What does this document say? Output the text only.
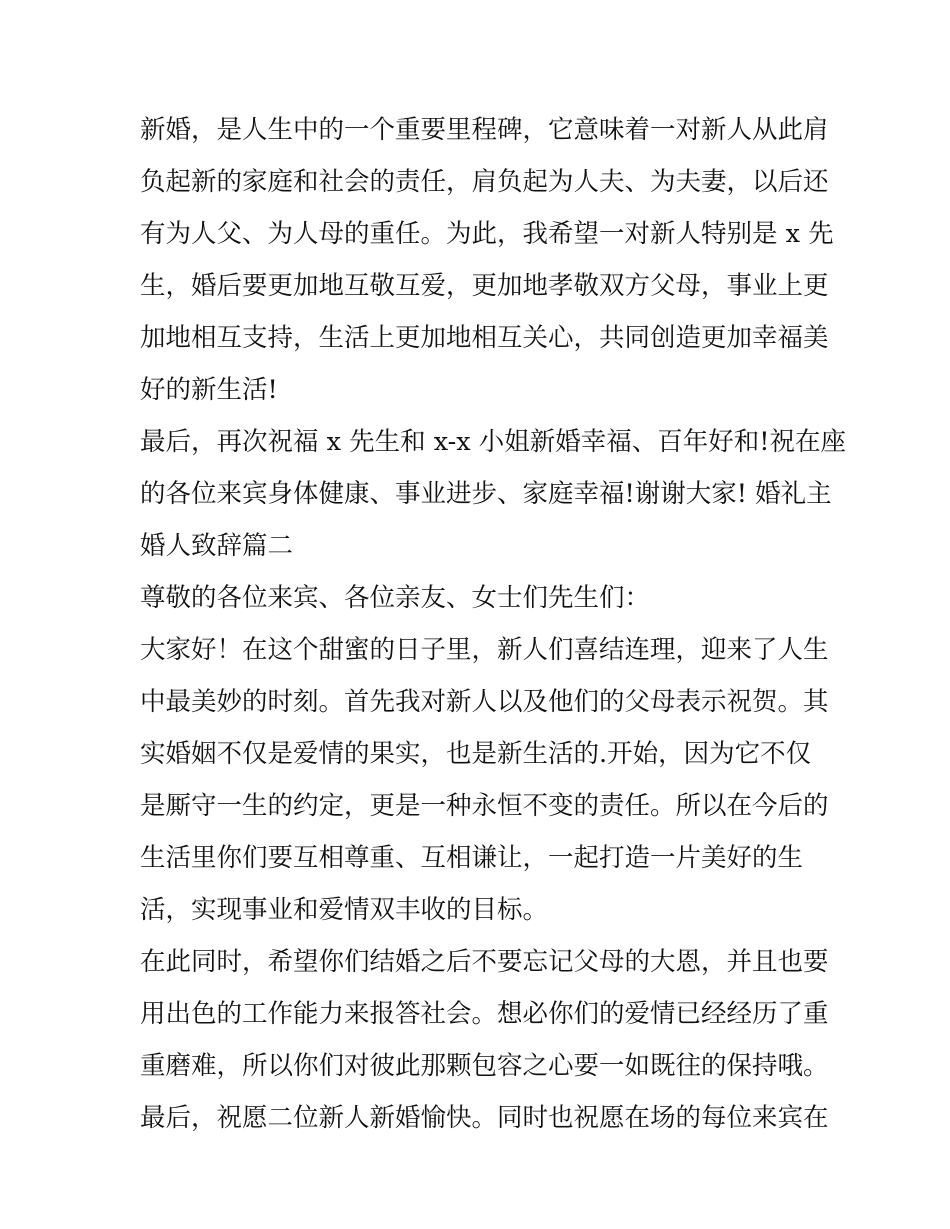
新婚，是人生中的一个重要里程碑，它意味着一对新人从此肩
负起新的家庭和社会的责任，肩负起为人夫、为夫妻，以后还
有为人父、为人母的重任。为此，我希望一对新人特别是 x 先
生，婚后要更加地互敬互爱，更加地孝敬双方父母，事业上更
加地相互支持，生活上更加地相互关心，共同创造更加幸福美
好的新生活!
最后，再次祝福 x 先生和 x-x 小姐新婚幸福、百年好和!祝在座
的各位来宾身体健康、事业进步、家庭幸福!谢谢大家! 婚礼主
婚人致辞篇二
尊敬的各位来宾、各位亲友、女士们先生们：
大家好！在这个甜蜜的日子里，新人们喜结连理，迎来了人生
中最美妙的时刻。首先我对新人以及他们的父母表示祝贺。其
实婚姻不仅是爱情的果实，也是新生活的.开始，因为它不仅
是厮守一生的约定，更是一种永恒不变的责任。所以在今后的
生活里你们要互相尊重、互相谦让，一起打造一片美好的生
活，实现事业和爱情双丰收的目标。
在此同时，希望你们结婚之后不要忘记父母的大恩，并且也要
用出色的工作能力来报答社会。想必你们的爱情已经经历了重
重磨难，所以你们对彼此那颗包容之心要一如既往的保持哦。
最后，祝愿二位新人新婚愉快。同时也祝愿在场的每位来宾在
